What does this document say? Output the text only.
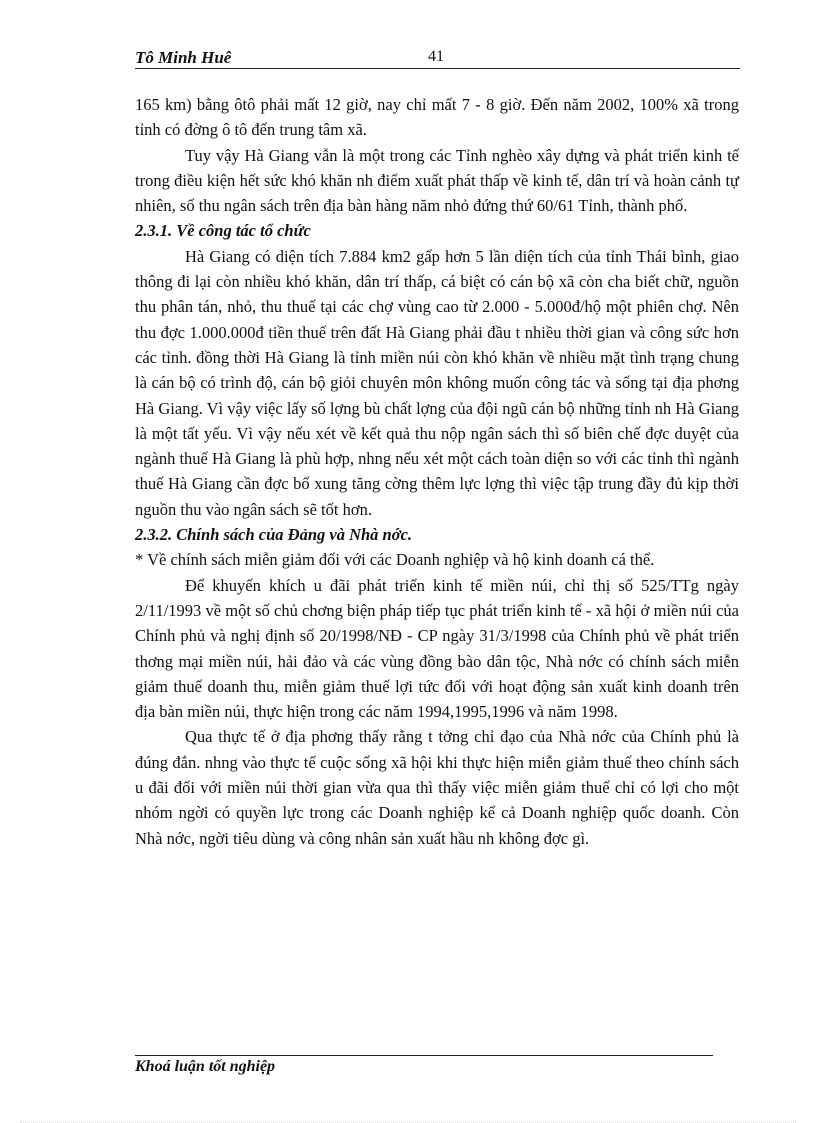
Tô Minh Huê	41

165 km) bằng ôtô phải mất 12 giờ, nay chỉ mất 7 - 8 giờ. Đến năm 2002, 100% xã trong tỉnh có đờng ô tô đến trung tâm xã.

Tuy vậy Hà Giang vẫn là một trong các Tỉnh nghèo xây dựng và phát triển kinh tế trong điều kiện hết sức khó khăn nh điểm xuất phát thấp về kinh tế, dân trí và hoàn cảnh tự nhiên, số thu ngân sách trên địa bàn hàng năm nhỏ đứng thứ 60/61 Tỉnh, thành phố.

2.3.1. Về công tác tổ chức

Hà Giang có diện tích 7.884 km2 gấp hơn 5 lần diện tích của tỉnh Thái bình, giao thông đi lại còn nhiều khó khăn, dân trí thấp, cá biệt có cán bộ xã còn cha biết chữ, nguồn thu phân tán, nhỏ, thu thuế tại các chợ vùng cao từ 2.000 - 5.000đ/hộ một phiên chợ. Nên thu đợc 1.000.000đ tiền thuế trên đất Hà Giang phải đầu t nhiều thời gian và công sức hơn các tỉnh. đồng thời Hà Giang là tỉnh miền núi còn khó khăn về nhiều mặt tình trạng chung là cán bộ có trình độ, cán bộ giỏi chuyên môn không muốn công tác và sống tại địa phơng Hà Giang. Vì vậy việc lấy số lợng bù chất lợng của đội ngũ cán bộ những tỉnh nh Hà Giang là một tất yếu. Vì vậy nếu xét về kết quả thu nộp ngân sách thì số biên chế đợc duyệt của ngành thuế Hà Giang là phù hợp, nhng nếu xét một cách toàn diện so với các tỉnh thì ngành thuế Hà Giang cần đợc bổ xung tăng cờng thêm lực lợng thì việc tập trung đầy đủ kịp thời nguồn thu vào ngân sách sẽ tốt hơn.

2.3.2. Chính sách của Đảng và Nhà nớc.

* Về chính sách miễn giảm đối với các Doanh nghiệp và hộ kinh doanh cá thể.

Để khuyến khích u đãi phát triển kinh tế miền núi, chỉ thị số 525/TTg ngày 2/11/1993 về một số chủ chơng biện pháp tiếp tục phát triển kinh tế - xã hội ở miền núi của Chính phủ và nghị định số 20/1998/NĐ - CP ngày 31/3/1998 của Chính phủ về phát triển thơng mại miền núi, hải đảo và các vùng đồng bào dân tộc, Nhà nớc có chính sách miễn giảm thuế doanh thu, miễn giảm thuế lợi tức đối với hoạt động sản xuất kinh doanh trên địa bàn miền núi, thực hiện trong các năm 1994,1995,1996 và năm 1998.

Qua thực tế ở địa phơng thấy rằng t tởng chỉ đạo của Nhà nớc của Chính phủ là đúng đắn. nhng vào thực tế cuộc sống xã hội khi thực hiện miễn giảm thuế theo chính sách u đãi đối với miền núi thời gian vừa qua thì thấy việc miễn giảm thuế chỉ có lợi cho một nhóm ngời có quyền lực trong các Doanh nghiệp kể cả Doanh nghiệp quốc doanh. Còn Nhà nớc, ngời tiêu dùng và công nhân sản xuất hầu nh không đợc gì.

Khoá luận tốt nghiệp
